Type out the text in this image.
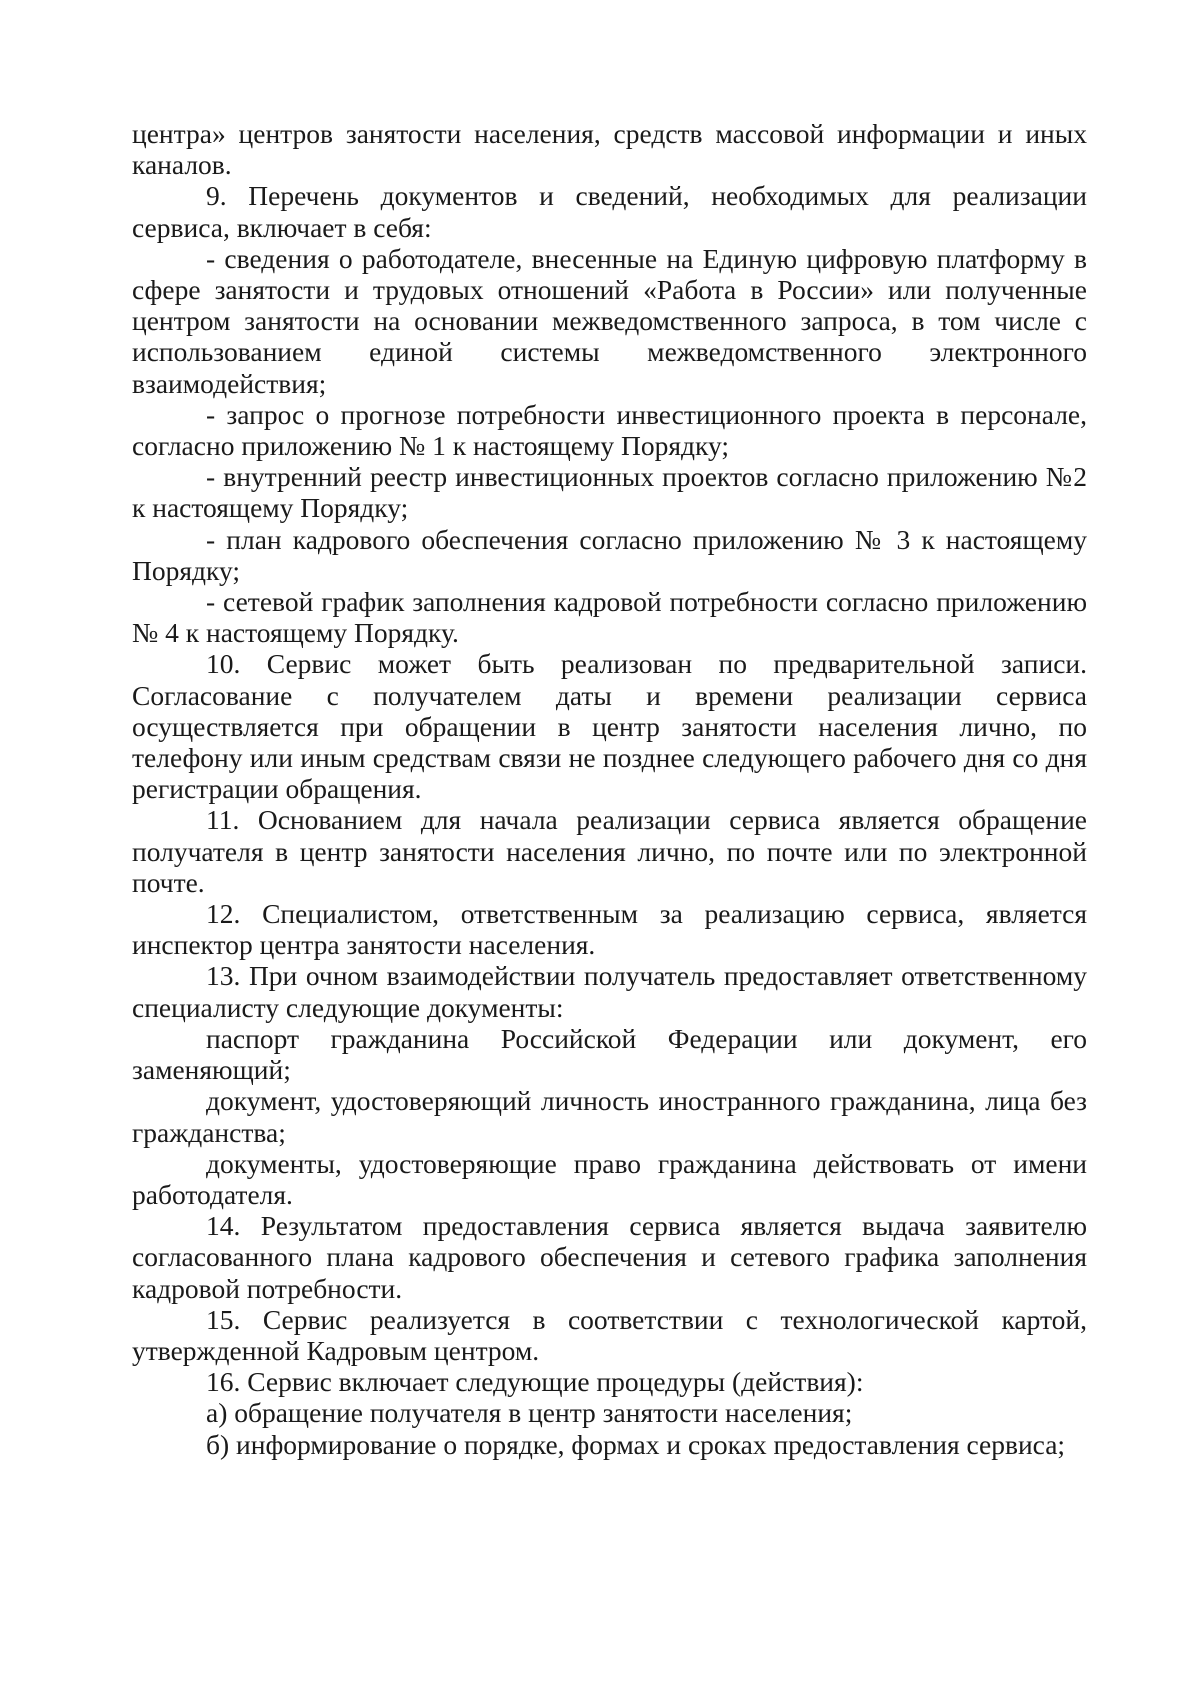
центра» центров занятости населения, средств массовой информации и иных каналов.

9. Перечень документов и сведений, необходимых для реализации сервиса, включает в себя:

- сведения о работодателе, внесенные на Единую цифровую платформу в сфере занятости и трудовых отношений «Работа в России» или полученные центром занятости на основании межведомственного запроса, в том числе с использованием единой системы межведомственного электронного взаимодействия;

- запрос о прогнозе потребности инвестиционного проекта в персонале, согласно приложению № 1 к настоящему Порядку;

- внутренний реестр инвестиционных проектов согласно приложению №2 к настоящему Порядку;

- план кадрового обеспечения согласно приложению № 3 к настоящему Порядку;

- сетевой график заполнения кадровой потребности согласно приложению № 4 к настоящему Порядку.

10. Сервис может быть реализован по предварительной записи. Согласование с получателем даты и времени реализации сервиса осуществляется при обращении в центр занятости населения лично, по телефону или иным средствам связи не позднее следующего рабочего дня со дня регистрации обращения.

11. Основанием для начала реализации сервиса является обращение получателя в центр занятости населения лично, по почте или по электронной почте.

12. Специалистом, ответственным за реализацию сервиса, является инспектор центра занятости населения.

13. При очном взаимодействии получатель предоставляет ответственному специалисту следующие документы:

паспорт гражданина Российской Федерации или документ, его заменяющий;

документ, удостоверяющий личность иностранного гражданина, лица без гражданства;

документы, удостоверяющие право гражданина действовать от имени работодателя.

14. Результатом предоставления сервиса является выдача заявителю согласованного плана кадрового обеспечения и сетевого графика заполнения кадровой потребности.

15. Сервис реализуется в соответствии с технологической картой, утвержденной Кадровым центром.

16. Сервис включает следующие процедуры (действия):

а) обращение получателя в центр занятости населения;

б) информирование о порядке, формах и сроках предоставления сервиса;
